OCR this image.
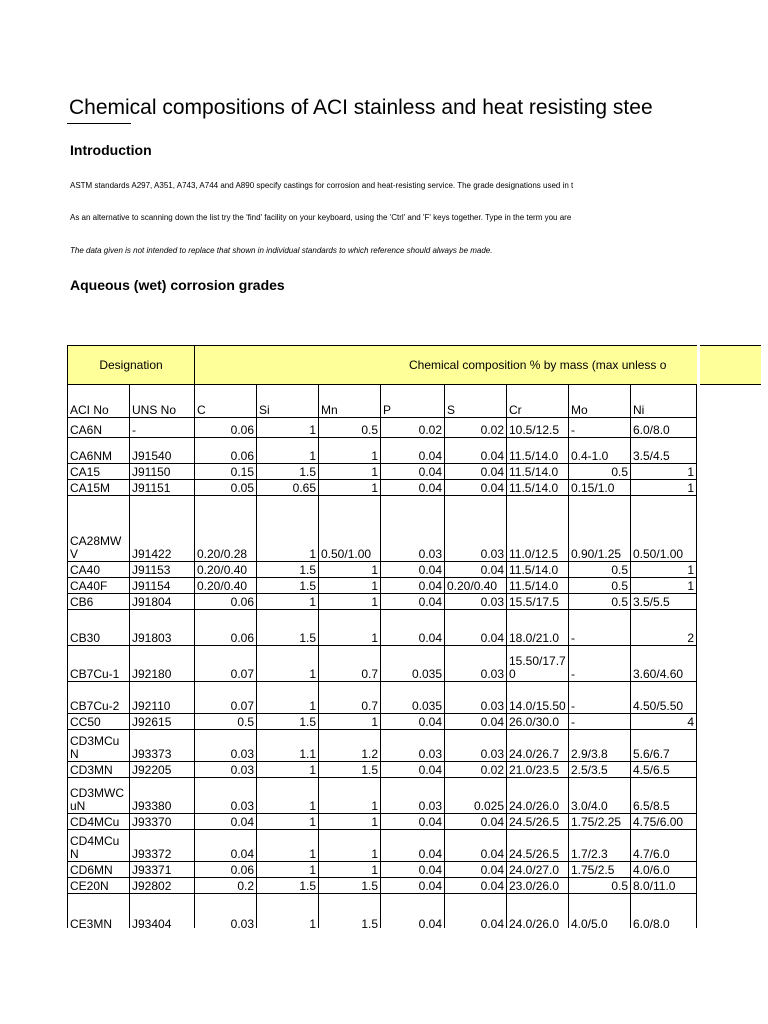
Chemical compositions of ACI stainless and heat resisting stee
Introduction

ASTM standards A297, A351, A743, A744 and A890 specify castings for corrosion and heat-resisting service. The grade designations used in t

As an alternative to scanning down the list try the 'find' facility on your keyboard, using the 'Ctrl' and 'F' keys together. Type in the term you are

The data given is not intended to replace that shown in individual standards to which reference should always be made.

Aqueous (wet) corrosion grades
Designation		Chemical composition % by mass (max unless o							
ACI No	UNS No	C	Si	Mn	P	S	Cr	Mo	Ni
CA6N	-	0.06	1	0.5	0.02	0.02	10.5/12.5	-	6.0/8.0
CA6NM	J91540	0.06	1	1	0.04	0.04	11.5/14.0	0.4-1.0	3.5/4.5
CA15	J91150	0.15	1.5	1	0.04	0.04	11.5/14.0	0.5	1
CA15M	J91151	0.05	0.65	1	0.04	0.04	11.5/14.0	0.15/1.0	1
CA28MWV	J91422	0.20/0.28	1	0.50/1.00	0.03	0.03	11.0/12.5	0.90/1.25	0.50/1.00
CA40	J91153	0.20/0.40	1.5	1	0.04	0.04	11.5/14.0	0.5	1
CA40F	J91154	0.20/0.40	1.5	1	0.04	0.20/0.40	11.5/14.0	0.5	1
CB6	J91804	0.06	1	1	0.04	0.03	15.5/17.5	0.5	3.5/5.5
CB30	J91803	0.06	1.5	1	0.04	0.04	18.0/21.0	-	2
CB7Cu-1	J92180	0.07	1	0.7	0.035	0.03	15.50/17.70	-	3.60/4.60
CB7Cu-2	J92110	0.07	1	0.7	0.035	0.03	14.0/15.50	-	4.50/5.50
CC50	J92615	0.5	1.5	1	0.04	0.04	26.0/30.0	-	4
CD3MCuN	J93373	0.03	1.1	1.2	0.03	0.03	24.0/26.7	2.9/3.8	5.6/6.7
CD3MN	J92205	0.03	1	1.5	0.04	0.02	21.0/23.5	2.5/3.5	4.5/6.5
CD3MWCuN	J93380	0.03	1	1	0.03	0.025	24.0/26.0	3.0/4.0	6.5/8.5
CD4MCu	J93370	0.04	1	1	0.04	0.04	24.5/26.5	1.75/2.25	4.75/6.00
CD4MCuN	J93372	0.04	1	1	0.04	0.04	24.5/26.5	1.7/2.3	4.7/6.0
CD6MN	J93371	0.06	1	1	0.04	0.04	24.0/27.0	1.75/2.5	4.0/6.0
CE20N	J92802	0.2	1.5	1.5	0.04	0.04	23.0/26.0	0.5	8.0/11.0
CE3MN	J93404	0.03	1	1.5	0.04	0.04	24.0/26.0	4.0/5.0	6.0/8.0
